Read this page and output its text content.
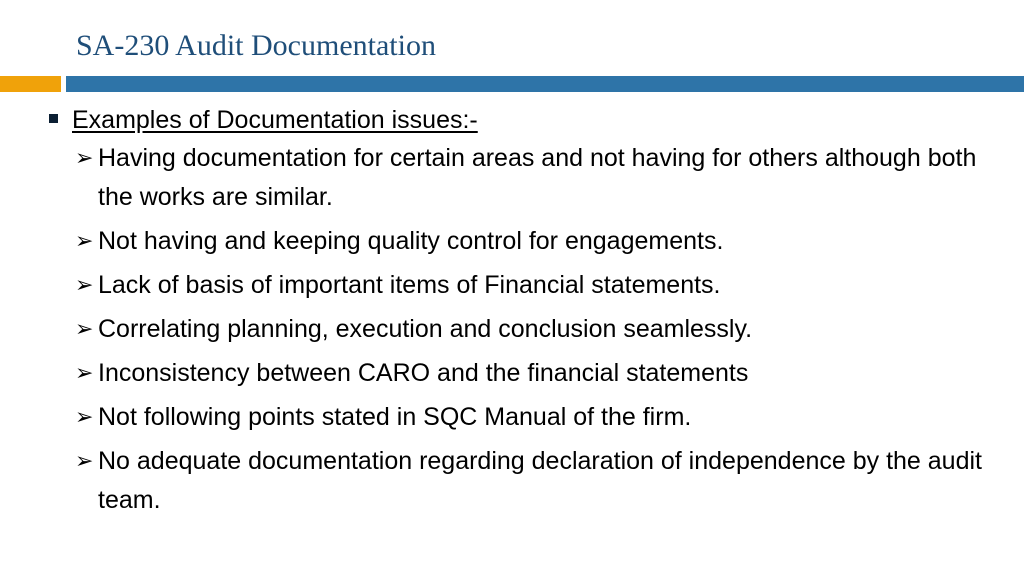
SA-230 Audit Documentation
Examples of Documentation issues:-
➢ Having documentation for certain areas and not having for others although both the works are similar.
➢ Not having and keeping quality control for engagements.
➢ Lack of basis of important items of Financial statements.
➢ Correlating planning, execution and conclusion seamlessly.
➢ Inconsistency between CARO and the financial statements
➢ Not following points stated in SQC Manual of the firm.
➢ No adequate documentation regarding declaration of independence by the audit team.
